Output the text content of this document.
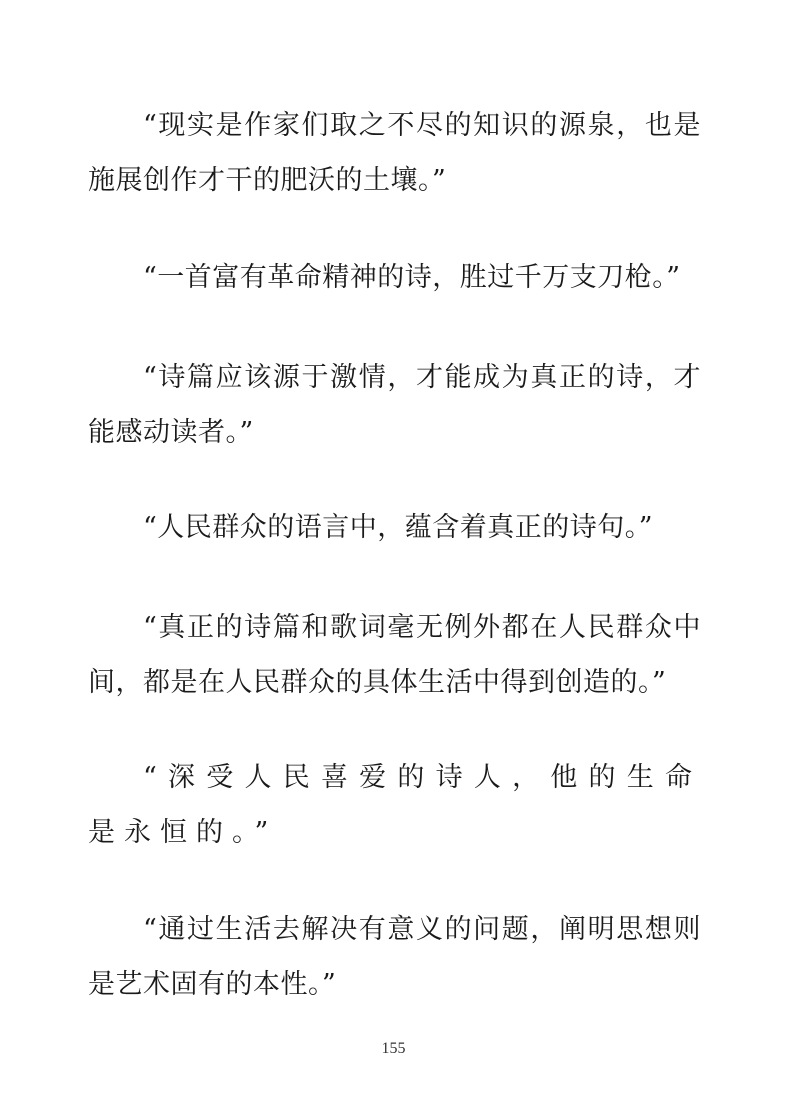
“现实是作家们取之不尽的知识的源泉，也是施展创作才干的肥沃的土壤。”

“一首富有革命精神的诗，胜过千万支刀枪。”

“诗篇应该源于激情，才能成为真正的诗，才能感动读者。”

“人民群众的语言中，蕴含着真正的诗句。”

“真正的诗篇和歌词毫无例外都在人民群众中间，都是在人民群众的具体生活中得到创造的。”

“深受人民喜爱的诗人，他的生命是永恒的。”

“通过生活去解决有意义的问题，阐明思想则是艺术固有的本性。”

155
